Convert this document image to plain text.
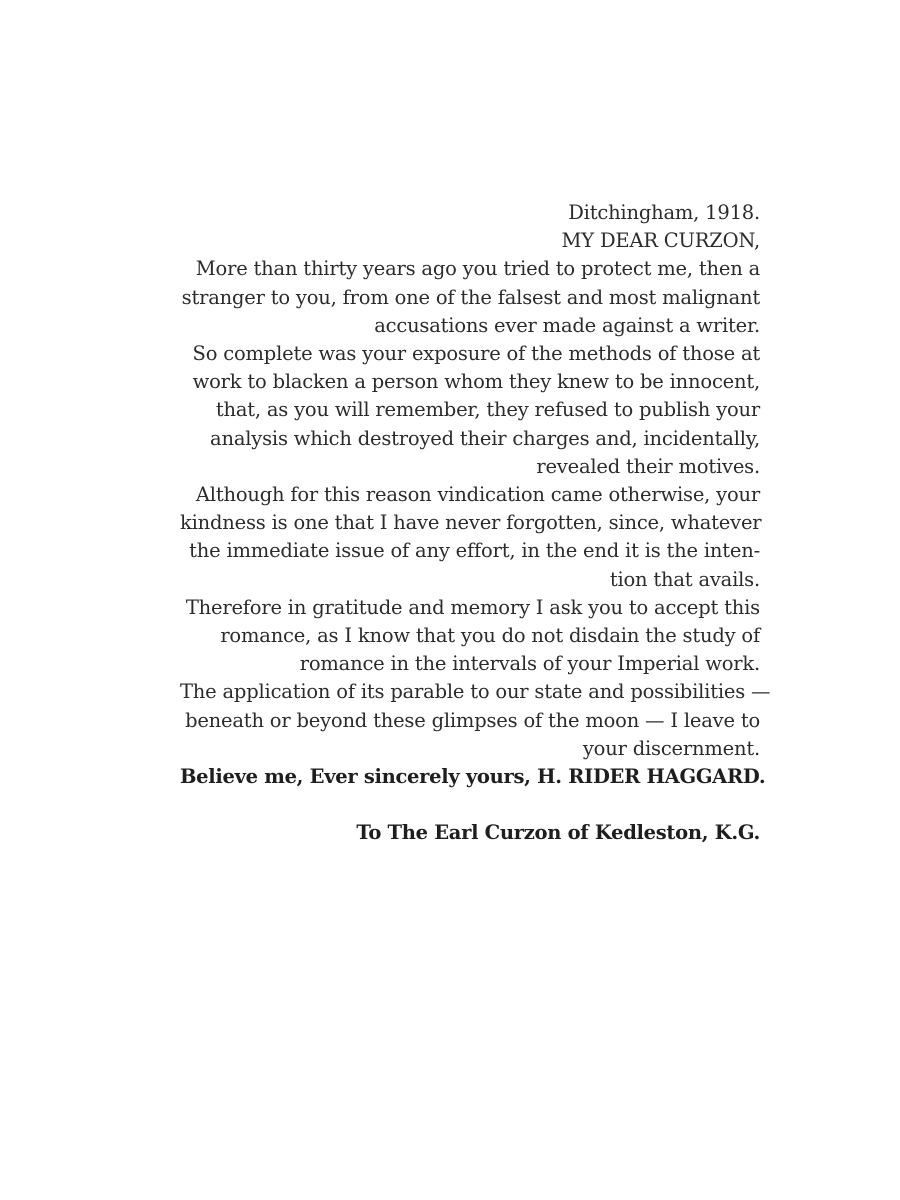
Ditchingham, 1918.
MY DEAR CURZON,
More than thirty years ago you tried to protect me, then a
stranger to you, from one of the falsest and most malignant
accusations ever made against a writer.
So complete was your exposure of the methods of those at
work to blacken a person whom they knew to be innocent,
that, as you will remember, they refused to publish your
analysis which destroyed their charges and, incidentally,
revealed their motives.
Although for this reason vindication came otherwise, your
kindness is one that I have never forgotten, since, whatever
the immediate issue of any effort, in the end it is the inten-
tion that avails.
Therefore in gratitude and memory I ask you to accept this
romance, as I know that you do not disdain the study of
romance in the intervals of your Imperial work.
The application of its parable to our state and possibilities —
beneath or beyond these glimpses of the moon — I leave to
your discernment.
Believe me, Ever sincerely yours, H. RIDER HAGGARD.
To The Earl Curzon of Kedleston, K.G.
